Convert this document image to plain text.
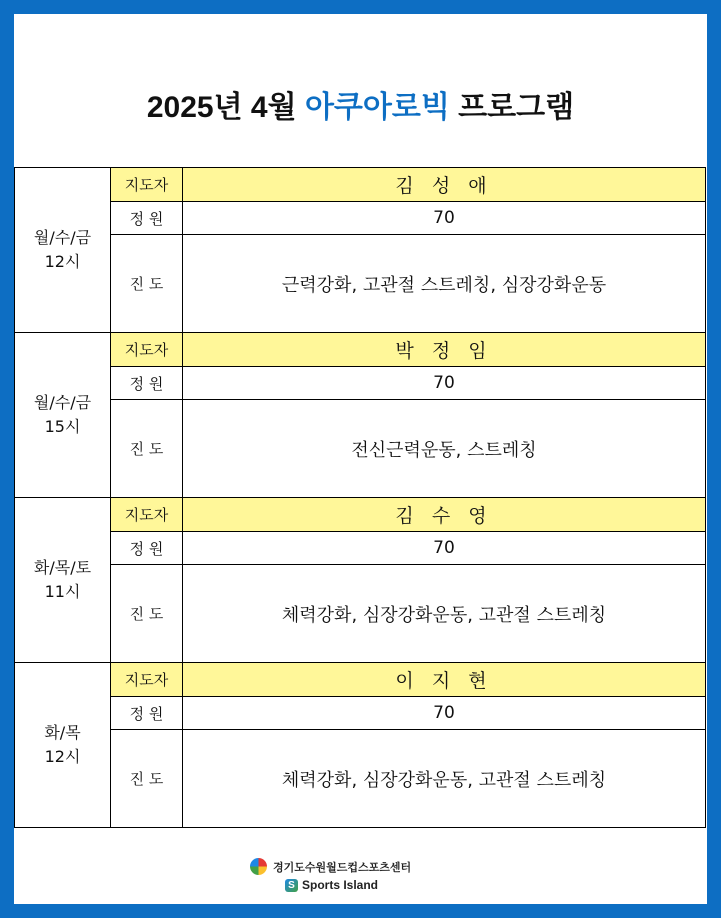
2025년 4월 아쿠아로빅 프로그램
월/수/금
12시	지도자	김 성 애
	정 원	70
	진 도	근력강화, 고관절 스트레칭, 심장강화운동

월/수/금
15시	지도자	박 정 임
	정 원	70
	진 도	전신근력운동, 스트레칭

화/목/토
11시	지도자	김 수 영
	정 원	70
	진 도	체력강화, 심장강화운동, 고관절 스트레칭

화/목
12시	지도자	이 지 현
	정 원	70
	진 도	체력강화, 심장강화운동, 고관절 스트레칭
경기도수원월드컵스포츠센터
S Sports Island
